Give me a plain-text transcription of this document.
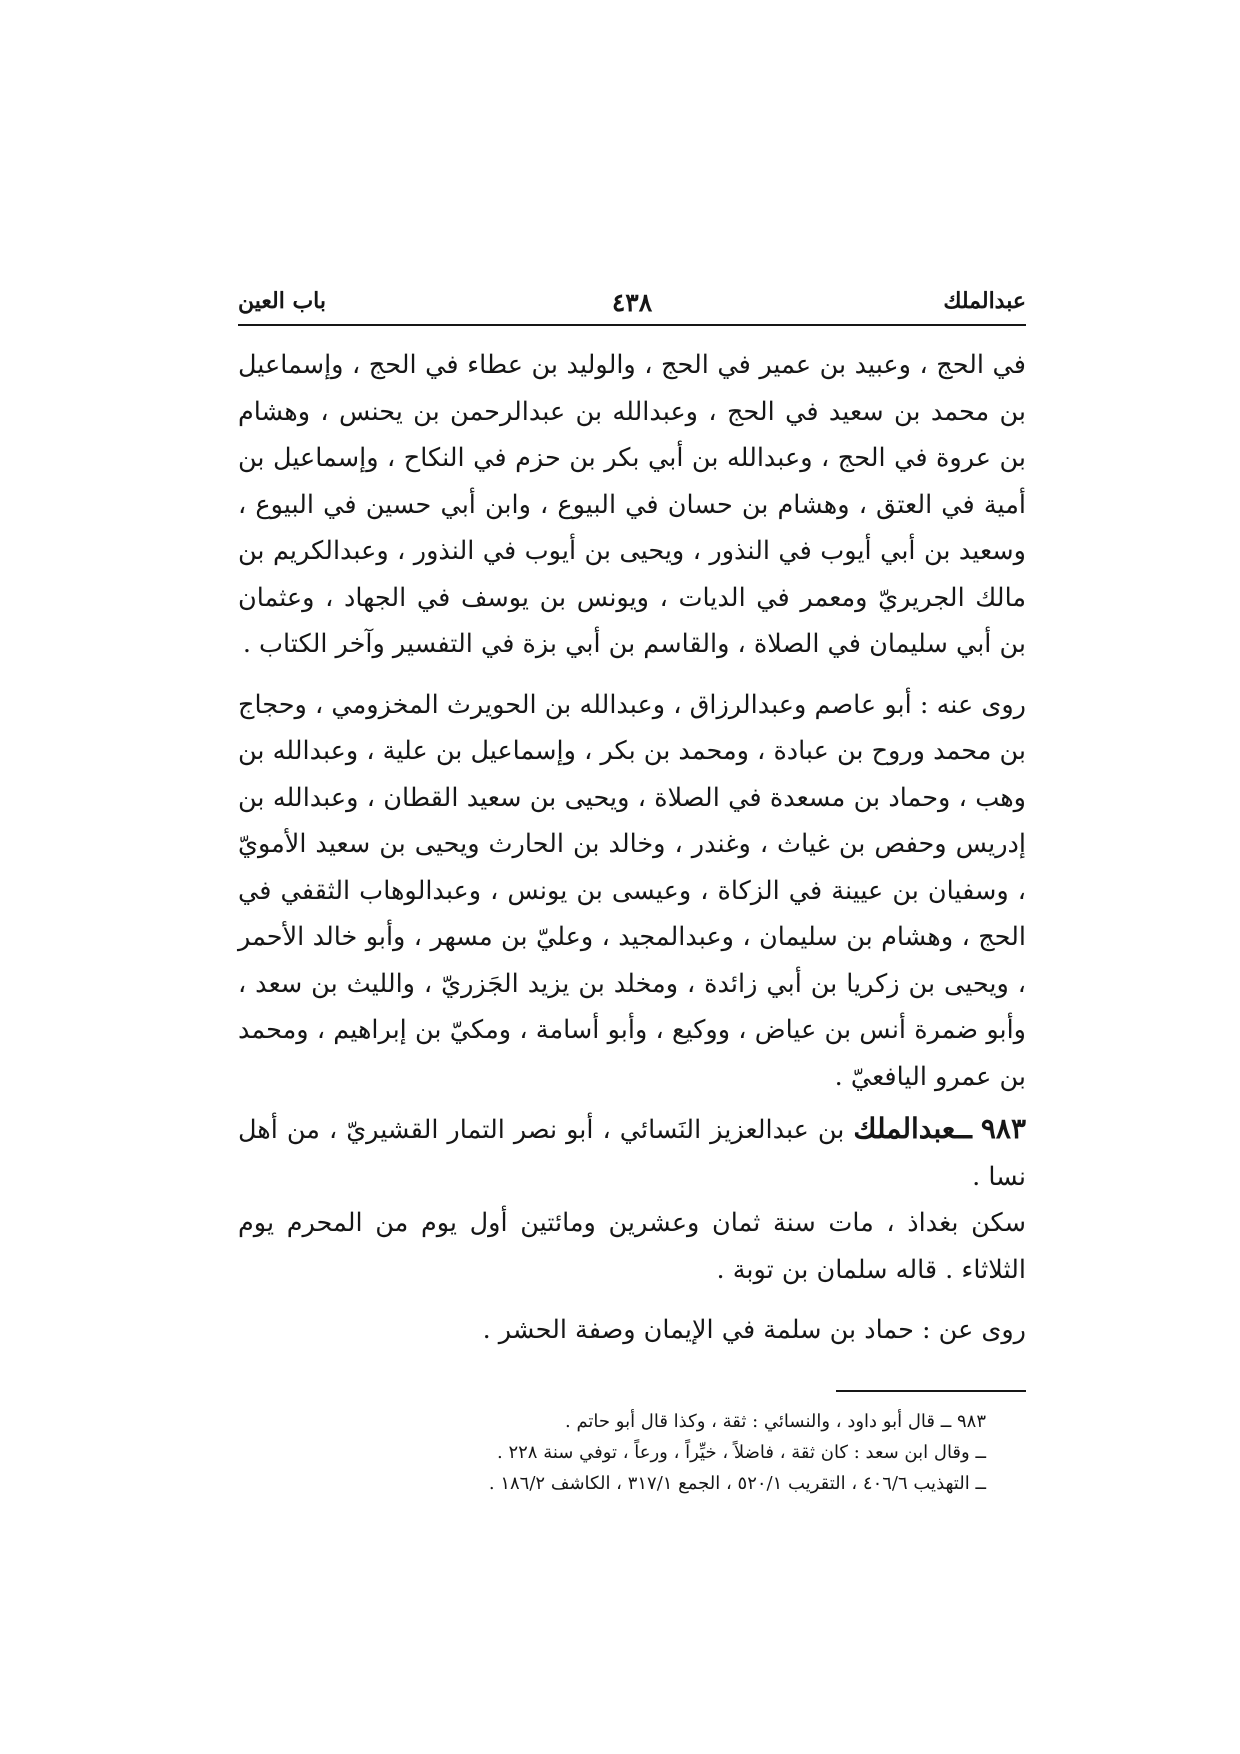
عبدالملك
٤٣٨
باب العين

في الحج ، وعبيد بن عمير في الحج ، والوليد بن عطاء في الحج ، وإسماعيل بن محمد بن سعيد في الحج ، وعبدالله بن عبدالرحمن بن يحنس ، وهشام بن عروة في الحج ، وعبدالله بن أبي بكر بن حزم في النكاح ، وإسماعيل بن أمية في العتق ، وهشام بن حسان في البيوع ، وابن أبي حسين في البيوع ، وسعيد بن أبي أيوب في النذور ، ويحيى بن أيوب في النذور ، وعبدالكريم بن مالك الجريريّ ومعمر في الديات ، ويونس بن يوسف في الجهاد ، وعثمان بن أبي سليمان في الصلاة ، والقاسم بن أبي بزة في التفسير وآخر الكتاب .

روى عنه : أبو عاصم وعبدالرزاق ، وعبدالله بن الحويرث المخزومي ، وحجاج بن محمد وروح بن عبادة ، ومحمد بن بكر ، وإسماعيل بن علية ، وعبدالله بن وهب ، وحماد بن مسعدة في الصلاة ، ويحيى بن سعيد القطان ، وعبدالله بن إدريس وحفص بن غياث ، وغندر ، وخالد بن الحارث ويحيى بن سعيد الأمويّ ، وسفيان بن عيينة في الزكاة ، وعيسى بن يونس ، وعبدالوهاب الثقفي في الحج ، وهشام بن سليمان ، وعبدالمجيد ، وعليّ بن مسهر ، وأبو خالد الأحمر ، ويحيى بن زكريا بن أبي زائدة ، ومخلد بن يزيد الجَزريّ ، والليث بن سعد ، وأبو ضمرة أنس بن عياض ، ووكيع ، وأبو أسامة ، ومكيّ بن إبراهيم ، ومحمد بن عمرو اليافعيّ .

٩٨٣ ــعبدالملك بن عبدالعزيز النَسائي ، أبو نصر التمار القشيريّ ، من أهل نسا .

سكن بغداذ ، مات سنة ثمان وعشرين ومائتين أول يوم من المحرم يوم الثلاثاء . قاله سلمان بن توبة .

روى عن : حماد بن سلمة في الإيمان وصفة الحشر .

٩٨٣ ــ قال أبو داود ، والنسائي : ثقة ، وكذا قال أبو حاتم .

ــ وقال ابن سعد : كان ثقة ، فاضلاً ، خيِّراً ، ورعاً ، توفي سنة ٢٢٨ .

ــ التهذيب ٤٠٦/٦ ، التقريب ٥٢٠/١ ، الجمع ٣١٧/١ ، الكاشف ١٨٦/٢ .
